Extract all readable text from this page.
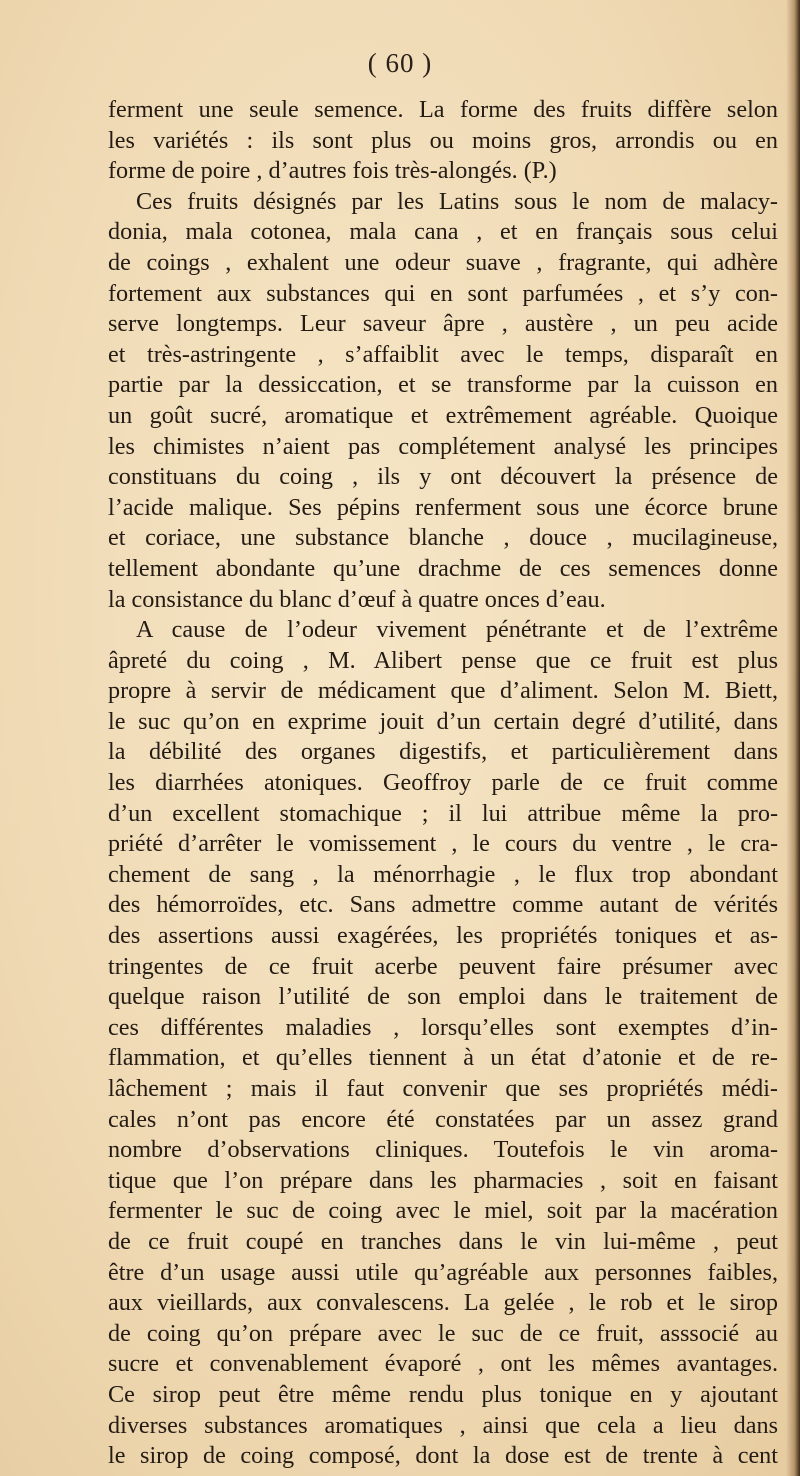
( 60 )
ferment une seule semence. La forme des fruits diffère selon
les variétés : ils sont plus ou moins gros, arrondis ou en
forme de poire , d’autres fois très-alongés. (P.)
Ces fruits désignés par les Latins sous le nom de malacy-
donia, mala cotonea, mala cana , et en français sous celui
de coings , exhalent une odeur suave , fragrante, qui adhère
fortement aux substances qui en sont parfumées , et s’y con-
serve longtemps. Leur saveur âpre , austère , un peu acide
et très-astringente , s’affaiblit avec le temps, disparaît en
partie par la dessiccation, et se transforme par la cuisson en
un goût sucré, aromatique et extrêmement agréable. Quoique
les chimistes n’aient pas complétement analysé les principes
constituans du coing , ils y ont découvert la présence de
l’acide malique. Ses pépins renferment sous une écorce brune
et coriace, une substance blanche , douce , mucilagineuse,
tellement abondante qu’une drachme de ces semences donne
la consistance du blanc d’œuf à quatre onces d’eau.
A cause de l’odeur vivement pénétrante et de l’extrême
âpreté du coing , M. Alibert pense que ce fruit est plus
propre à servir de médicament que d’aliment. Selon M. Biett,
le suc qu’on en exprime jouit d’un certain degré d’utilité, dans
la débilité des organes digestifs, et particulièrement dans
les diarrhées atoniques. Geoffroy parle de ce fruit comme
d’un excellent stomachique ; il lui attribue même la pro-
priété d’arrêter le vomissement , le cours du ventre , le cra-
chement de sang , la ménorrhagie , le flux trop abondant
des hémorroïdes, etc. Sans admettre comme autant de vérités
des assertions aussi exagérées, les propriétés toniques et as-
tringentes de ce fruit acerbe peuvent faire présumer avec
quelque raison l’utilité de son emploi dans le traitement de
ces différentes maladies , lorsqu’elles sont exemptes d’in-
flammation, et qu’elles tiennent à un état d’atonie et de re-
lâchement ; mais il faut convenir que ses propriétés médi-
cales n’ont pas encore été constatées par un assez grand
nombre d’observations cliniques. Toutefois le vin aroma-
tique que l’on prépare dans les pharmacies , soit en faisant
fermenter le suc de coing avec le miel, soit par la macération
de ce fruit coupé en tranches dans le vin lui-même , peut
être d’un usage aussi utile qu’agréable aux personnes faibles,
aux vieillards, aux convalescens. La gelée , le rob et le sirop
de coing qu’on prépare avec le suc de ce fruit, asssocié au
sucre et convenablement évaporé , ont les mêmes avantages.
Ce sirop peut être même rendu plus tonique en y ajoutant
diverses substances aromatiques , ainsi que cela a lieu dans
le sirop de coing composé, dont la dose est de trente à cent
